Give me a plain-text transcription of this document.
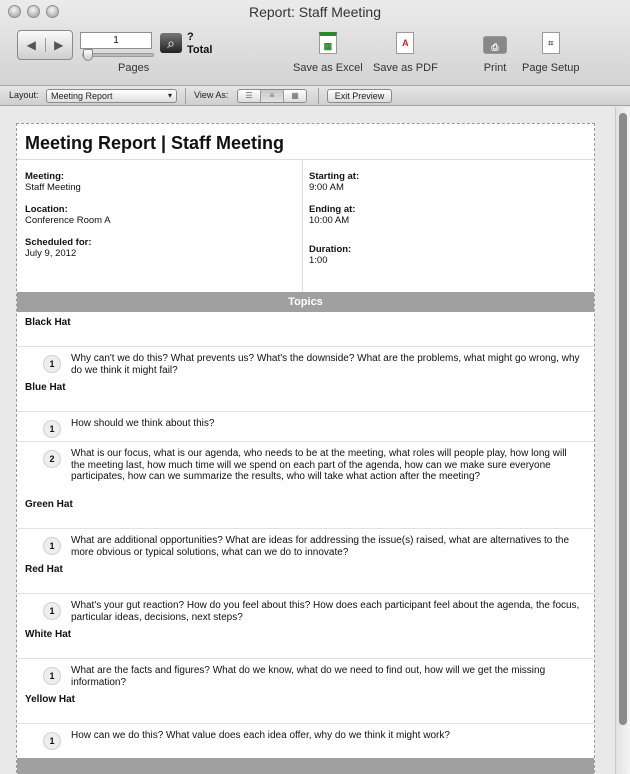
Report: Staff Meeting
◀	▶	1
Pages
⌕	?
Total	▦
Save as Excel
A
Save as PDF
⎙
Print
⌗
Page Setup
Layout:	Meeting Report	▾ View As:	☰	≡	▦	Exit Preview
Meeting Report | Staff Meeting
Meeting:
Staff Meeting
Location:
Conference Room A
Scheduled for:
July 9, 2012
Starting at:
9:00 AM
Ending at:
10:00 AM
Duration:
1:00
Topics
Black Hat
1	Why can't we do this? What prevents us? What's the downside? What are the problems, what might go wrong, why do we think it might fail?
Blue Hat
1	How should we think about this?
2	What is our focus, what is our agenda, who needs to be at the meeting, what roles will people play, how long will the meeting last, how much time will we spend on each part of the agenda, how can we make sure everyone participates, how can we summarize the results, who will take what action after the meeting?
Green Hat
1	What are additional opportunities? What are ideas for addressing the issue(s) raised, what are alternatives to the more obvious or typical solutions, what can we do to innovate?
Red Hat
1	What's your gut reaction? How do you feel about this? How does each participant feel about the agenda, the focus, particular ideas, decisions, next steps?
White Hat
1	What are the facts and figures? What do we know, what do we need to find out, how will we get the missing information?
Yellow Hat
1	How can we do this? What value does each idea offer, why do we think it might work?
